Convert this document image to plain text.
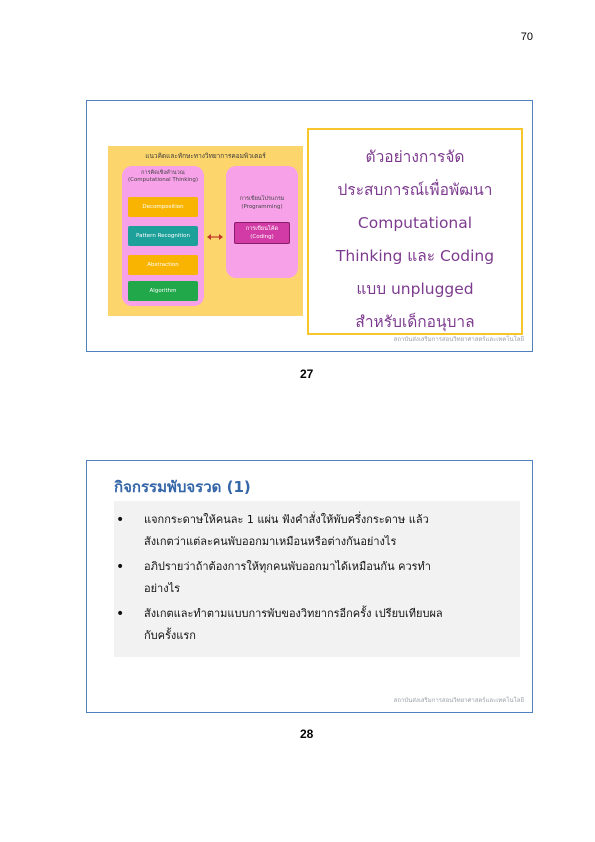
70
แนวคิดและทักษะทางวิทยาการคอมพิวเตอร์
การคิดเชิงคำนวณ
(Computational Thinking)
Decomposition
Pattern Recognition
Abstraction
Algorithm
การเขียนโปรแกรม
(Programming)
การเขียนโค้ด
(Coding)
ตัวอย่างการจัด
ประสบการณ์เพื่อพัฒนา
Computational
Thinking และ Coding
แบบ unplugged
สำหรับเด็กอนุบาล
สถาบันส่งเสริมการสอนวิทยาศาสตร์และเทคโนโลยี
27
กิจกรรมพับจรวด (1)
• แจกกระดาษให้คนละ 1 แผ่น ฟังคำสั่งให้พับครึ่งกระดาษ แล้ว
สังเกตว่าแต่ละคนพับออกมาเหมือนหรือต่างกันอย่างไร
• อภิปรายว่าถ้าต้องการให้ทุกคนพับออกมาได้เหมือนกัน ควรทำ
อย่างไร
• สังเกตและทำตามแบบการพับของวิทยากรอีกครั้ง เปรียบเทียบผล
กับครั้งแรก
สถาบันส่งเสริมการสอนวิทยาศาสตร์และเทคโนโลยี
28
